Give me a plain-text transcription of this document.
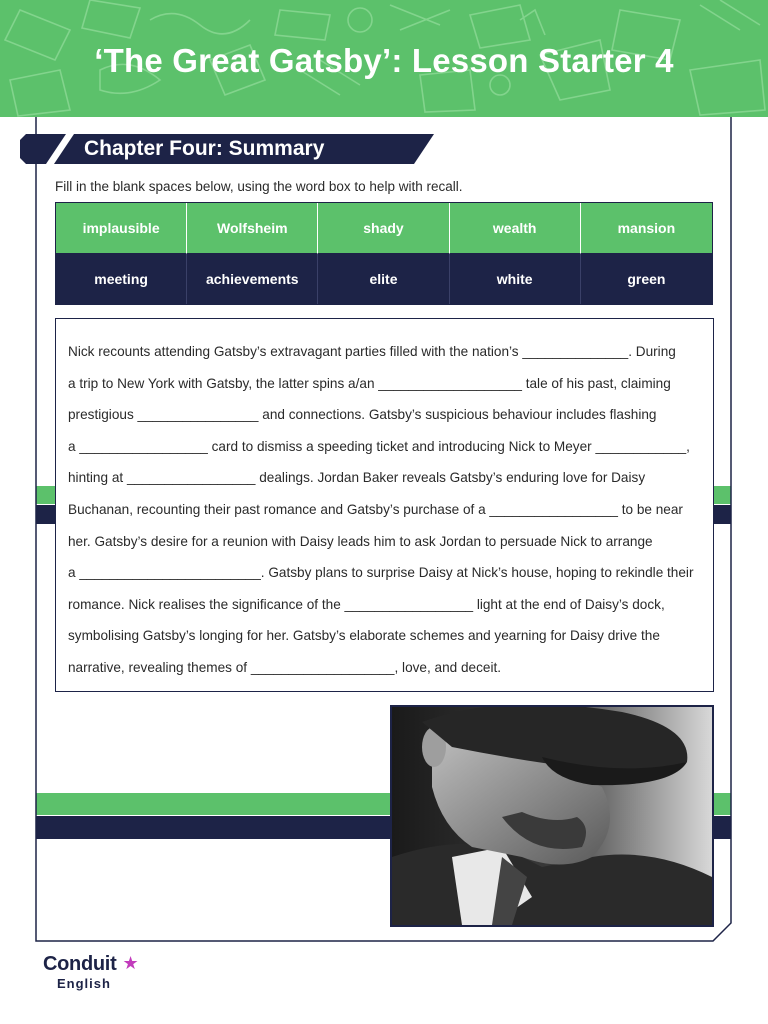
‘The Great Gatsby’: Lesson Starter 4
Chapter Four: Summary
Fill in the blank spaces below, using the word box to help with recall.
implausible	Wolfsheim	shady	wealth	mansion
meeting	achievements	elite	white	green
Nick recounts attending Gatsby’s extravagant parties filled with the nation’s ______________. During
a trip to New York with Gatsby, the latter spins a/an ___________________ tale of his past, claiming
prestigious ________________ and connections. Gatsby’s suspicious behaviour includes flashing
a _________________ card to dismiss a speeding ticket and introducing Nick to Meyer ____________,
hinting at _________________ dealings. Jordan Baker reveals Gatsby’s enduring love for Daisy
Buchanan, recounting their past romance and Gatsby’s purchase of a _________________ to be near
her. Gatsby’s desire for a reunion with Daisy leads him to ask Jordan to persuade Nick to arrange
a ________________________. Gatsby plans to surprise Daisy at Nick’s house, hoping to rekindle their
romance. Nick realises the significance of the _________________ light at the end of Daisy’s dock,
symbolising Gatsby’s longing for her. Gatsby’s elaborate schemes and yearning for Daisy drive the
narrative, revealing themes of ___________________, love, and deceit.
Conduit ★
English
